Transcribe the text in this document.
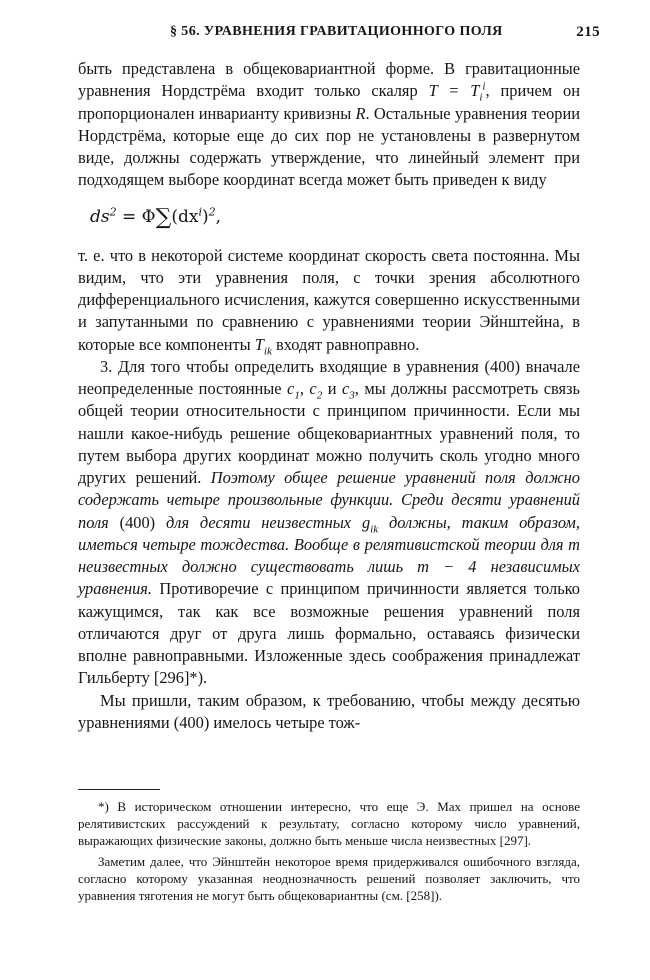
§ 56. УРАВНЕНИЯ ГРАВИТАЦИОННОГО ПОЛЯ	215

быть представлена в общековариантной форме. В гравитационные уравнения Нордстрёма входит только скаляр $T = T_i^i$, причем он пропорционален инварианту кривизны R. Остальные уравнения теории Нордстрёма, которые еще до сих пор не установлены в развернутом виде, должны содержать утверждение, что линейный элемент при подходящем выборе координат всегда может быть приведен к виду

$ds^2 = \Phi\sum(dx^i)^2$,

т. е. что в некоторой системе координат скорость света постоянна. Мы видим, что эти уравнения поля, с точки зрения абсолютного дифференциального исчисления, кажутся совершенно искусственными и запутанными по сравнению с уравнениями теории Эйнштейна, в которые все компоненты $T_{ik}$ входят равноправно.

3. Для того чтобы определить входящие в уравнения (400) вначале неопределенные постоянные $c_1$, $c_2$ и $c_3$, мы должны рассмотреть связь общей теории относительности с принципом причинности. Если мы нашли какое-нибудь решение общековариантных уравнений поля, то путем выбора других координат можно получить сколь угодно много других решений. Поэтому общее решение уравнений поля должно содержать четыре произвольные функции. Среди десяти уравнений поля (400) для десяти неизвестных $g_{ik}$ должны, таким образом, иметься четыре тождества. Вообще в релятивистской теории для m неизвестных должно существовать лишь m − 4 независимых уравнения. Противоречие с принципом причинности является только кажущимся, так как все возможные решения уравнений поля отличаются друг от друга лишь формально, оставаясь физически вполне равноправными. Изложенные здесь соображения принадлежат Гильберту [296]*).

Мы пришли, таким образом, к требованию, чтобы между десятью уравнениями (400) имелось четыре тож-

*) В историческом отношении интересно, что еще Э. Мах пришел на основе релятивистских рассуждений к результату, согласно которому число уравнений, выражающих физические законы, должно быть меньше числа неизвестных [297].

Заметим далее, что Эйнштейн некоторое время придерживался ошибочного взгляда, согласно которому указанная неоднозначность решений позволяет заключить, что уравнения тяготения не могут быть общековариантны (см. [258]).
